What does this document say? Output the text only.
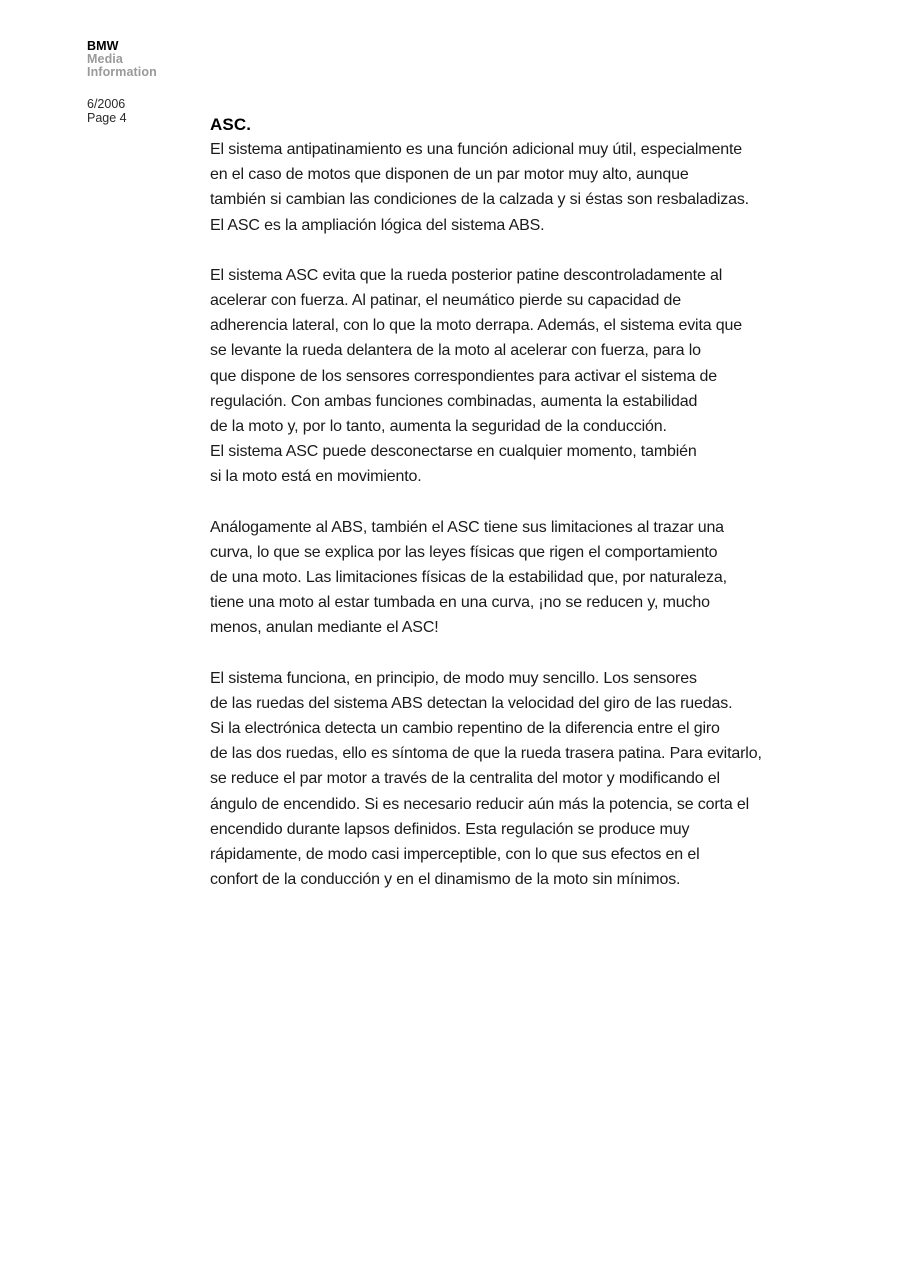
BMW
Media
Information
6/2006
Page 4	ASC.

El sistema antipatinamiento es una función adicional muy útil, especialmente
en el caso de motos que disponen de un par motor muy alto, aunque
también si cambian las condiciones de la calzada y si éstas son resbaladizas.
El ASC es la ampliación lógica del sistema ABS.

El sistema ASC evita que la rueda posterior patine descontroladamente al
acelerar con fuerza. Al patinar, el neumático pierde su capacidad de
adherencia lateral, con lo que la moto derrapa. Además, el sistema evita que
se levante la rueda delantera de la moto al acelerar con fuerza, para lo
que dispone de los sensores correspondientes para activar el sistema de
regulación. Con ambas funciones combinadas, aumenta la estabilidad
de la moto y, por lo tanto, aumenta la seguridad de la conducción.
El sistema ASC puede desconectarse en cualquier momento, también
si la moto está en movimiento.

Análogamente al ABS, también el ASC tiene sus limitaciones al trazar una
curva, lo que se explica por las leyes físicas que rigen el comportamiento
de una moto. Las limitaciones físicas de la estabilidad que, por naturaleza,
tiene una moto al estar tumbada en una curva, ¡no se reducen y, mucho
menos, anulan mediante el ASC!

El sistema funciona, en principio, de modo muy sencillo. Los sensores
de las ruedas del sistema ABS detectan la velocidad del giro de las ruedas.
Si la electrónica detecta un cambio repentino de la diferencia entre el giro
de las dos ruedas, ello es síntoma de que la rueda trasera patina. Para evitarlo,
se reduce el par motor a través de la centralita del motor y modificando el
ángulo de encendido. Si es necesario reducir aún más la potencia, se corta el
encendido durante lapsos definidos. Esta regulación se produce muy
rápidamente, de modo casi imperceptible, con lo que sus efectos en el
confort de la conducción y en el dinamismo de la moto sin mínimos.
